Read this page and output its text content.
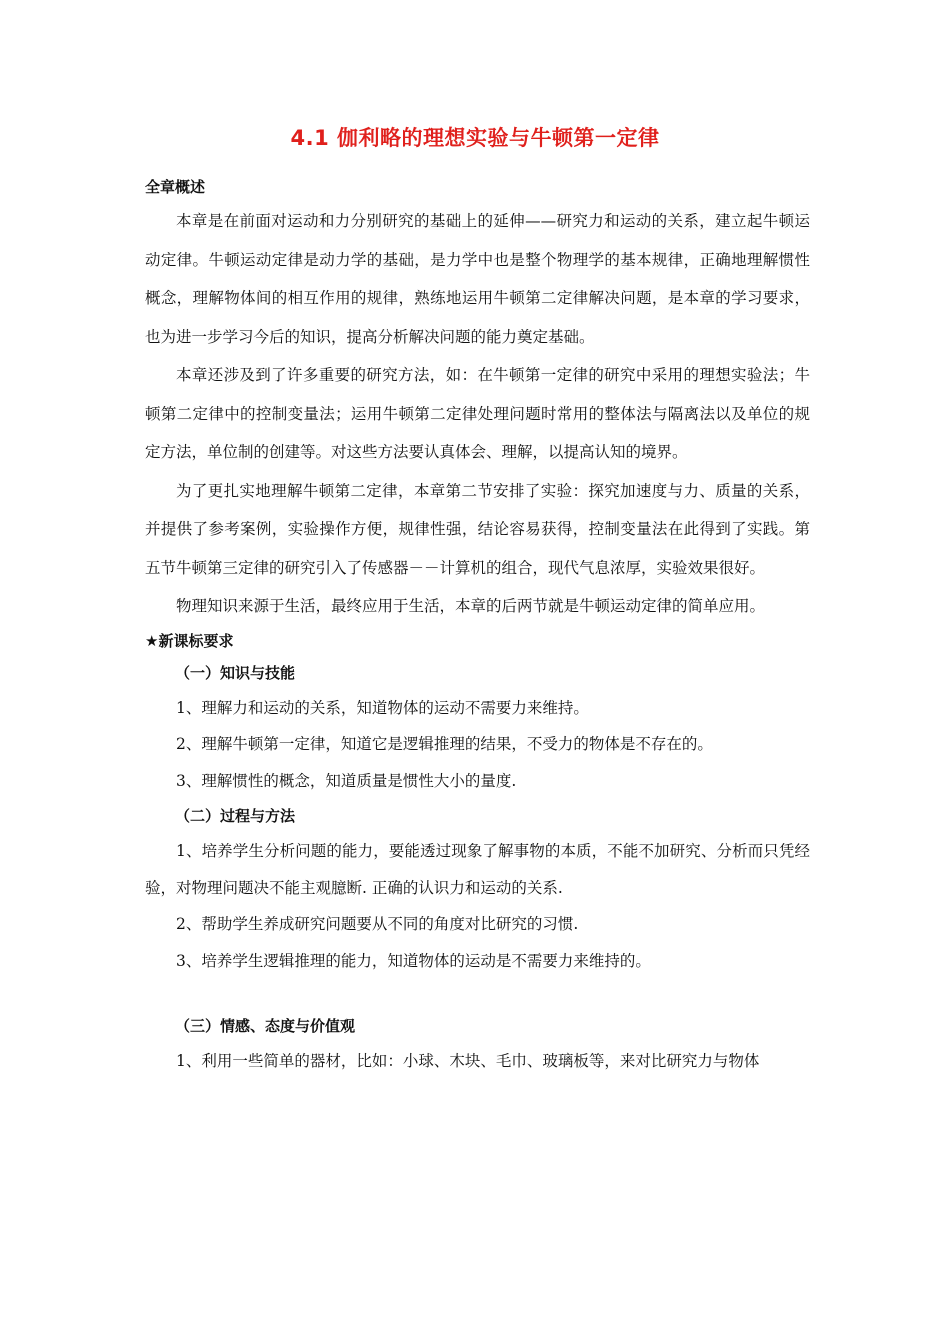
4.1 伽利略的理想实验与牛顿第一定律

全章概述

本章是在前面对运动和力分别研究的基础上的延伸——研究力和运动的关系，建立起牛顿运动定律。牛顿运动定律是动力学的基础，是力学中也是整个物理学的基本规律，正确地理解惯性概念，理解物体间的相互作用的规律，熟练地运用牛顿第二定律解决问题，是本章的学习要求，也为进一步学习今后的知识，提高分析解决问题的能力奠定基础。

本章还涉及到了许多重要的研究方法，如：在牛顿第一定律的研究中采用的理想实验法；牛顿第二定律中的控制变量法；运用牛顿第二定律处理问题时常用的整体法与隔离法以及单位的规定方法，单位制的创建等。对这些方法要认真体会、理解，以提高认知的境界。

为了更扎实地理解牛顿第二定律，本章第二节安排了实验：探究加速度与力、质量的关系，并提供了参考案例，实验操作方便，规律性强，结论容易获得，控制变量法在此得到了实践。第五节牛顿第三定律的研究引入了传感器－－计算机的组合，现代气息浓厚，实验效果很好。

物理知识来源于生活，最终应用于生活，本章的后两节就是牛顿运动定律的简单应用。

★新课标要求

（一）知识与技能

1、理解力和运动的关系，知道物体的运动不需要力来维持。

2、理解牛顿第一定律，知道它是逻辑推理的结果，不受力的物体是不存在的。

3、理解惯性的概念，知道质量是惯性大小的量度.

（二）过程与方法

1、培养学生分析问题的能力，要能透过现象了解事物的本质，不能不加研究、分析而只凭经验，对物理问题决不能主观臆断. 正确的认识力和运动的关系.

2、帮助学生养成研究问题要从不同的角度对比研究的习惯.

3、培养学生逻辑推理的能力，知道物体的运动是不需要力来维持的。

（三）情感、态度与价值观

1、利用一些简单的器材，比如：小球、木块、毛巾、玻璃板等，来对比研究力与物体
